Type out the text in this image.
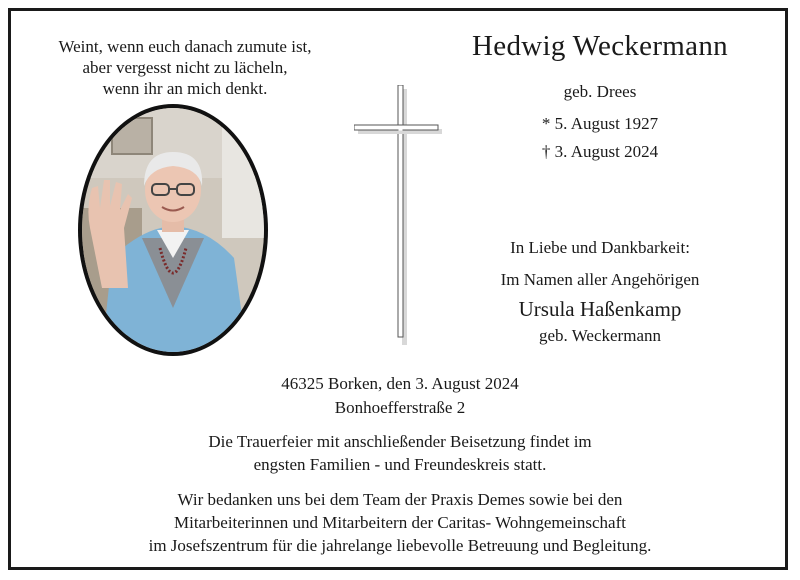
Weint, wenn euch danach zumute ist,
aber vergesst nicht zu lächeln,
wenn ihr an mich denkt.
Hedwig Weckermann
geb. Drees
* 5. August 1927
† 3. August 2024
In Liebe und Dankbarkeit:
Im Namen aller Angehörigen
Ursula Haßenkamp
geb. Weckermann
46325 Borken, den 3. August 2024
Bonhoefferstraße 2
Die Trauerfeier mit anschließender Beisetzung findet im
engsten Familien - und Freundeskreis statt.
Wir bedanken uns bei dem Team der Praxis Demes sowie bei den
Mitarbeiterinnen und Mitarbeitern der Caritas- Wohngemeinschaft
im Josefszentrum für die jahrelange liebevolle Betreuung und Begleitung.
